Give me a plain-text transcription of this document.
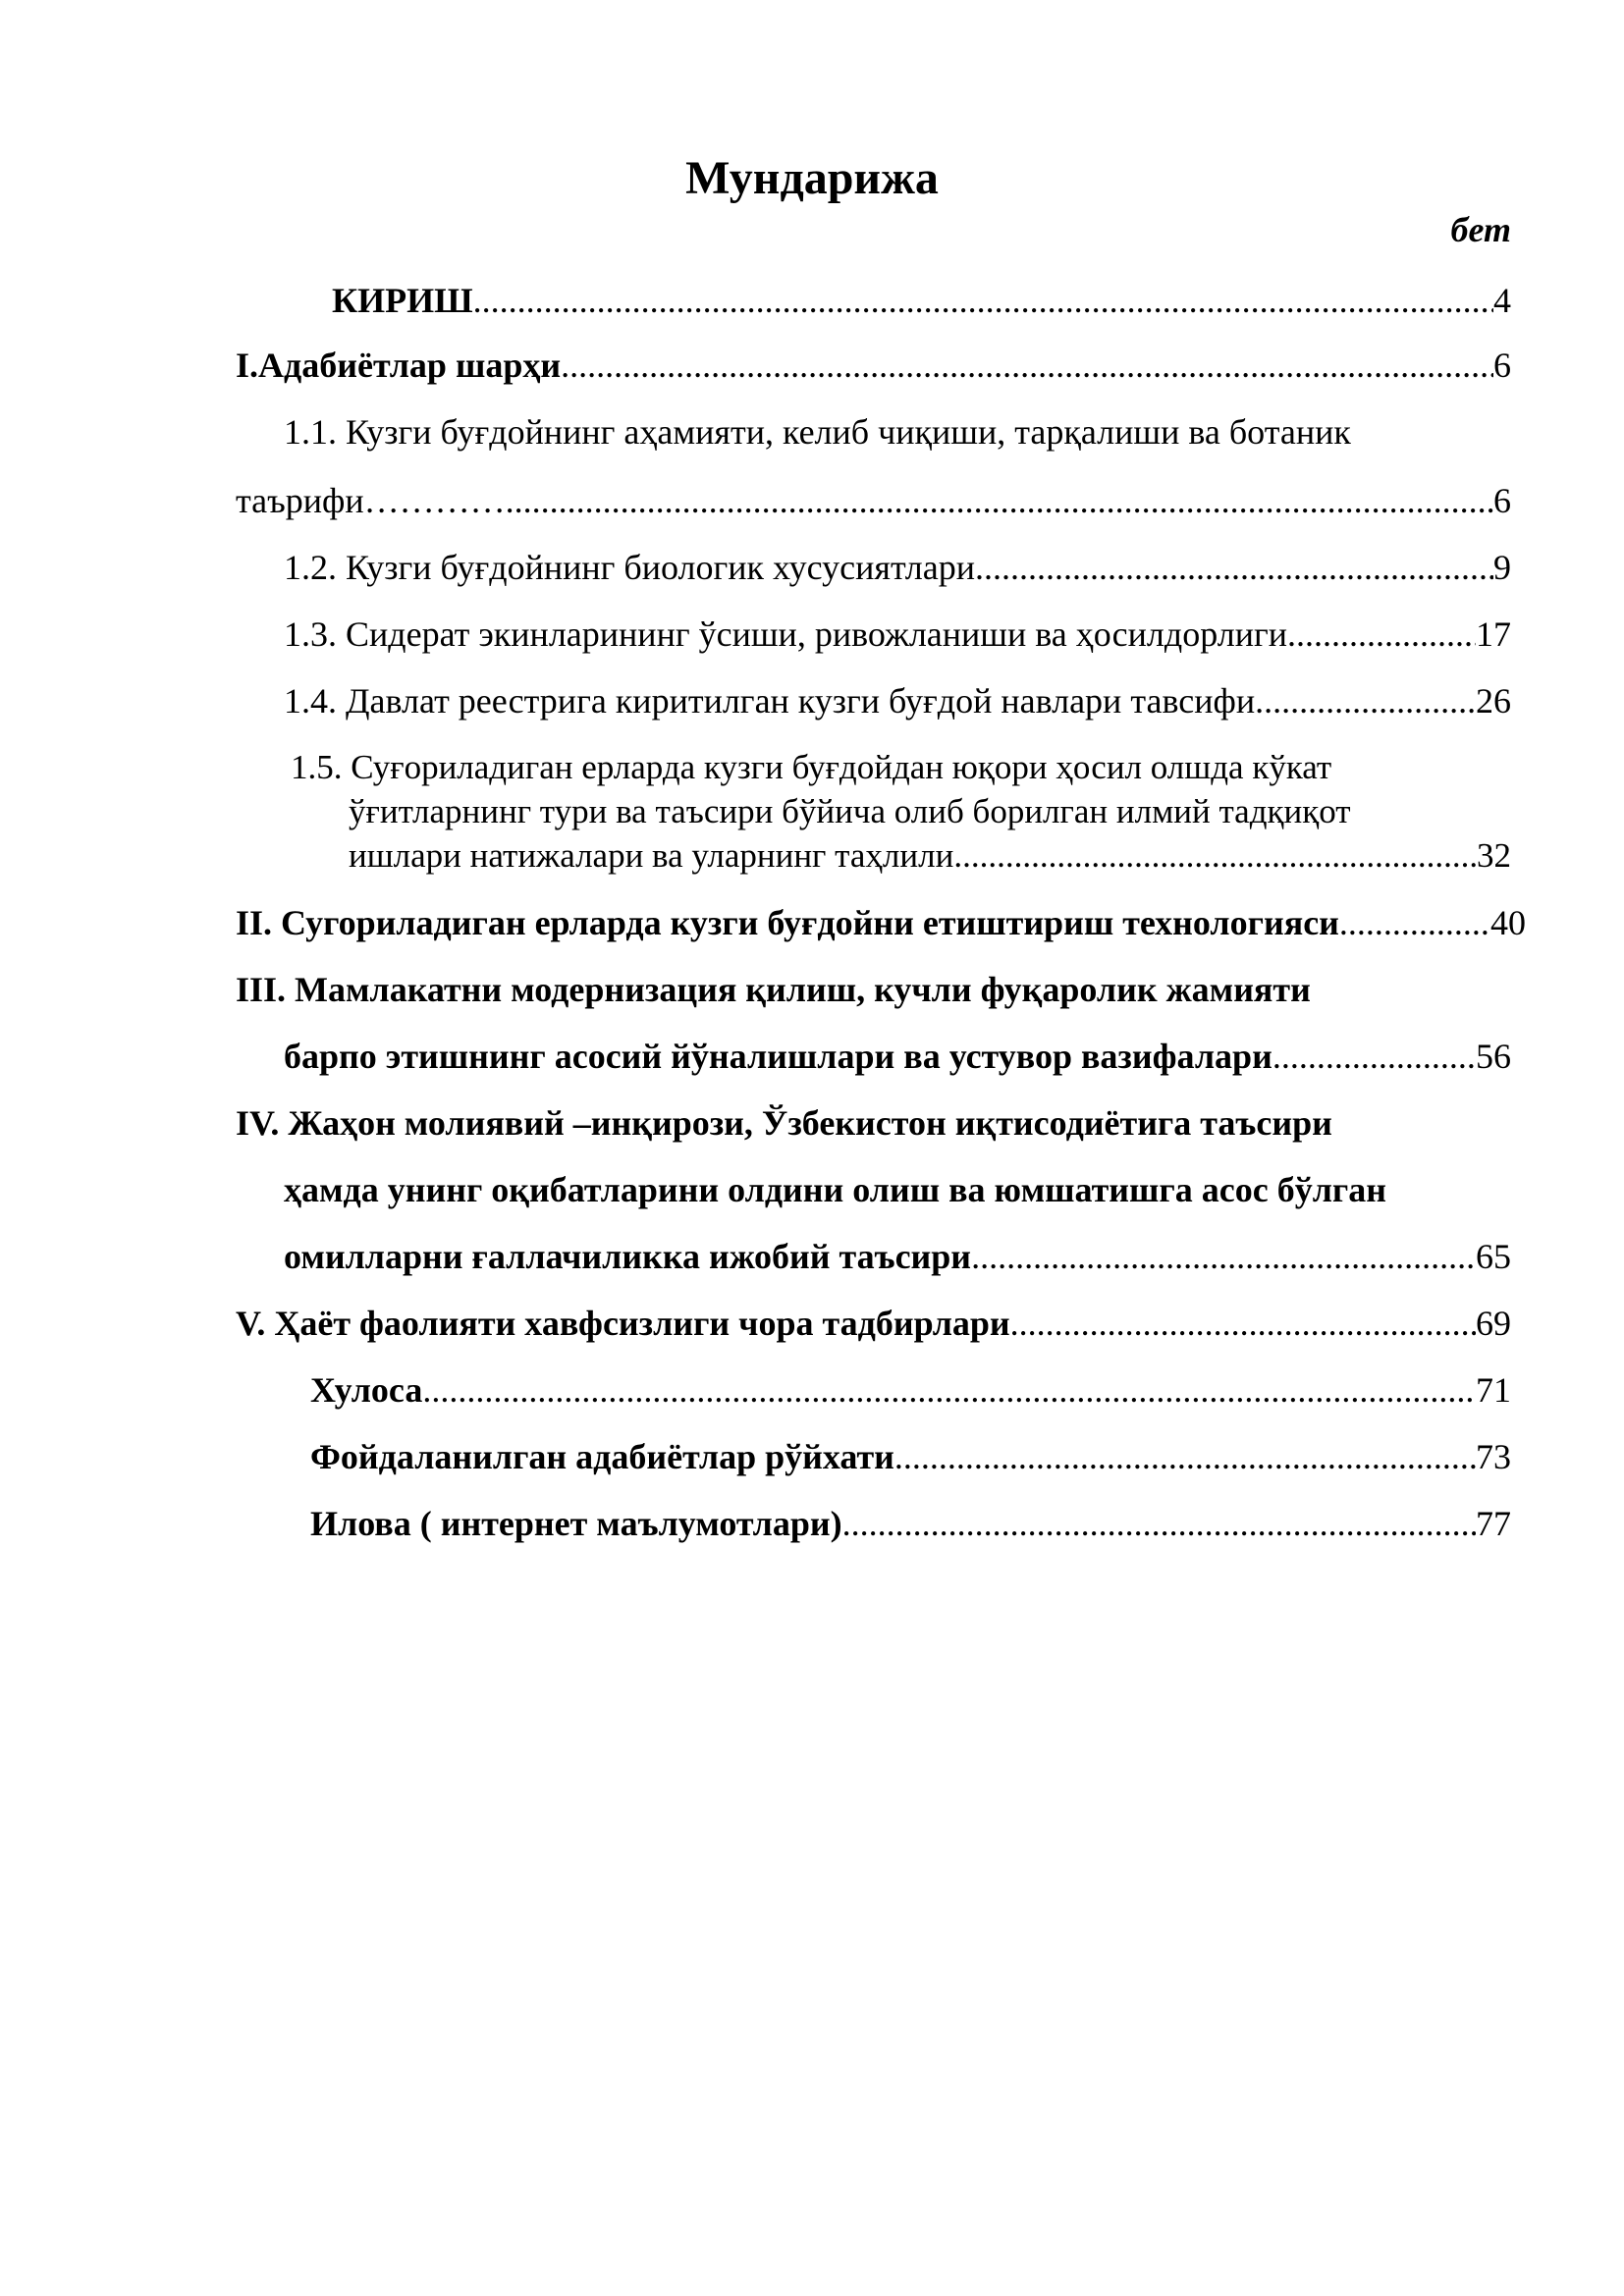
Мундарижа
бет
КИРИШ .....	4
I.Адабиётлар шарҳи .....	6
1.1. Кузги буғдойнинг аҳамияти, келиб чиқиши, тарқалиши ва ботаник
таърифи………… .....	6
1.2. Кузги буғдойнинг биологик хусусиятлари .....	9
1.3. Сидерат экинларининг ўсиши, ривожланиши ва ҳосилдорлиги .....	17
1.4. Давлат реестрига киритилган кузги буғдой навлари тавсифи .....	26
1.5. Суғориладиган ерларда кузги буғдойдан юқори ҳосил олшда кўкат
ўғитларнинг тури ва таъсири бўйича олиб борилган илмий тадқиқот
ишлари натижалари ва уларнинг таҳлили .....	32
II. Сугориладиган ерларда кузги буғдойни етиштириш технологияси .....	40
III. Мамлакатни модернизация қилиш, кучли фуқаролик жамияти
барпо этишнинг асосий йўналишлари ва устувор вазифалари .....	56
IV. Жаҳон молиявий –инқирози, Ўзбекистон иқтисодиётига таъсири
ҳамда унинг оқибатларини олдини олиш ва юмшатишга асос бўлган
омилларни ғаллачиликка ижобий таъсири .....	65
V. Ҳаёт фаолияти хавфсизлиги чора тадбирлари .....	69
Хулоса .....	71
Фойдаланилган адабиётлар рўйхати .....	73
Илова ( интернет маълумотлари) .....	77
